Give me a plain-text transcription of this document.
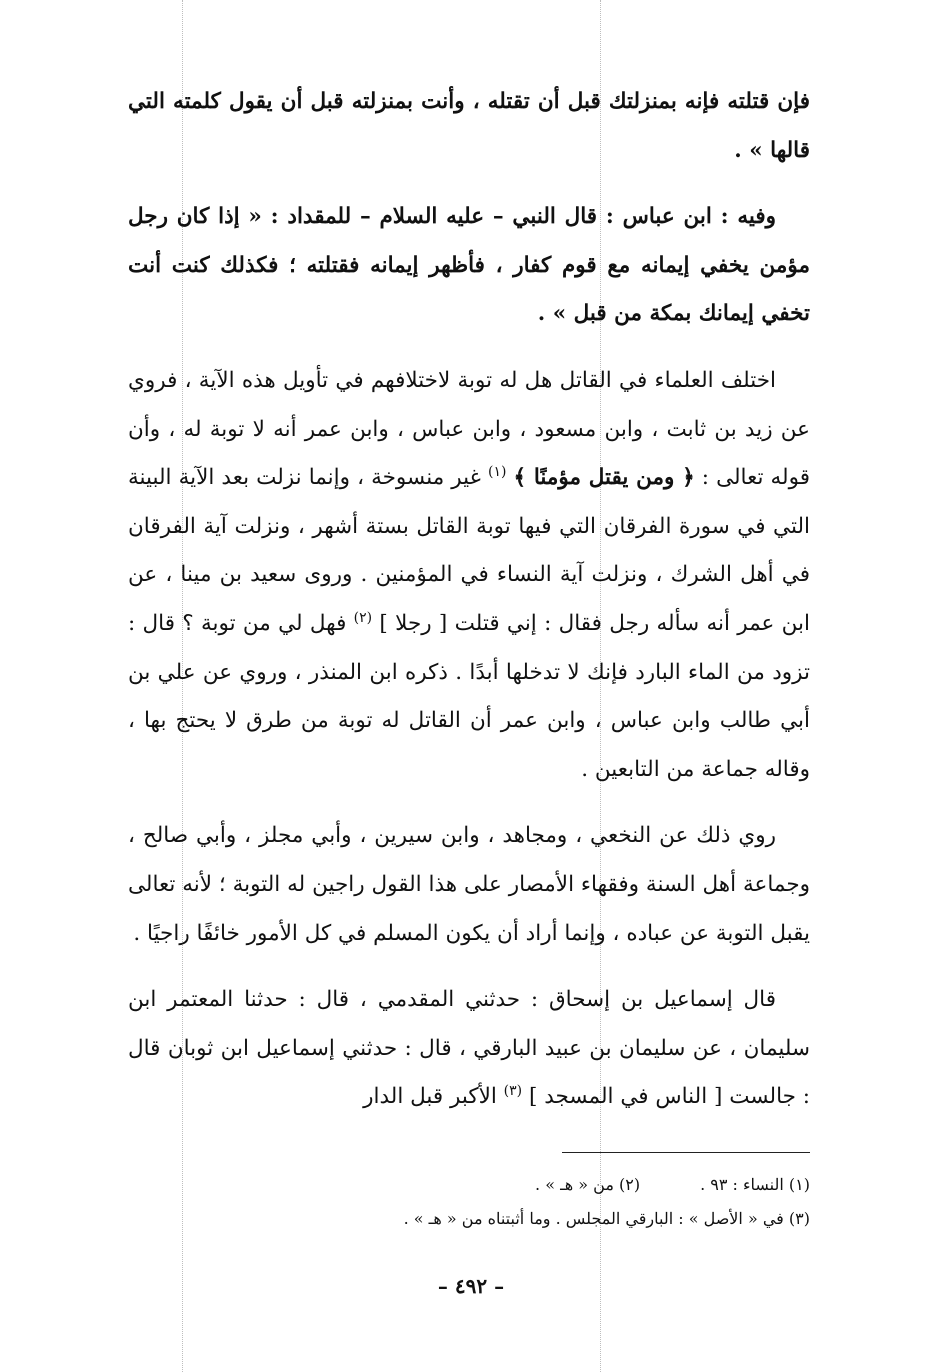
فإن قتلته فإنه بمنزلتك قبل أن تقتله ، وأنت بمنزلته قبل أن يقول كلمته التي قالها » .

وفيه : ابن عباس : قال النبي – عليه السلام – للمقداد : « إذا كان رجل مؤمن يخفي إيمانه مع قوم كفار ، فأظهر إيمانه فقتلته ؛ فكذلك كنت أنت تخفي إيمانك بمكة من قبل » .

اختلف العلماء في القاتل هل له توبة لاختلافهم في تأويل هذه الآية ، فروي عن زيد بن ثابت ، وابن مسعود ، وابن عباس ، وابن عمر أنه لا توبة له ، وأن قوله تعالى : ﴿ ومن يقتل مؤمنًا ﴾ $^{(١)}$ غير منسوخة ، وإنما نزلت بعد الآية البينة التي في سورة الفرقان التي فيها توبة القاتل بستة أشهر ، ونزلت آية الفرقان في أهل الشرك ، ونزلت آية النساء في المؤمنين . وروى سعيد بن مينا ، عن ابن عمر أنه سأله رجل فقال : إني قتلت [ رجلا ] $^{(٢)}$ فهل لي من توبة ؟ قال : تزود من الماء البارد فإنك لا تدخلها أبدًا . ذكره ابن المنذر ، وروي عن علي بن أبي طالب وابن عباس ، وابن عمر أن القاتل له توبة من طرق لا يحتج بها ، وقاله جماعة من التابعين .

روي ذلك عن النخعي ، ومجاهد ، وابن سيرين ، وأبي مجلز ، وأبي صالح ، وجماعة أهل السنة وفقهاء الأمصار على هذا القول راجين له التوبة ؛ لأنه تعالى يقبل التوبة عن عباده ، وإنما أراد أن يكون المسلم في كل الأمور خائفًا راجيًا .

قال إسماعيل بن إسحاق : حدثني المقدمي ، قال : حدثنا المعتمر ابن سليمان ، عن سليمان بن عبيد البارقي ، قال : حدثني إسماعيل ابن ثوبان قال : جالست [ الناس في المسجد ] $^{(٣)}$ الأكبر قبل الدار

(١) النساء : ٩٣ .(٢) من « هـ » .
(٣) في « الأصل » : البارقي المجلس . وما أثبتناه من « هـ » .
– ٤٩٢ –
